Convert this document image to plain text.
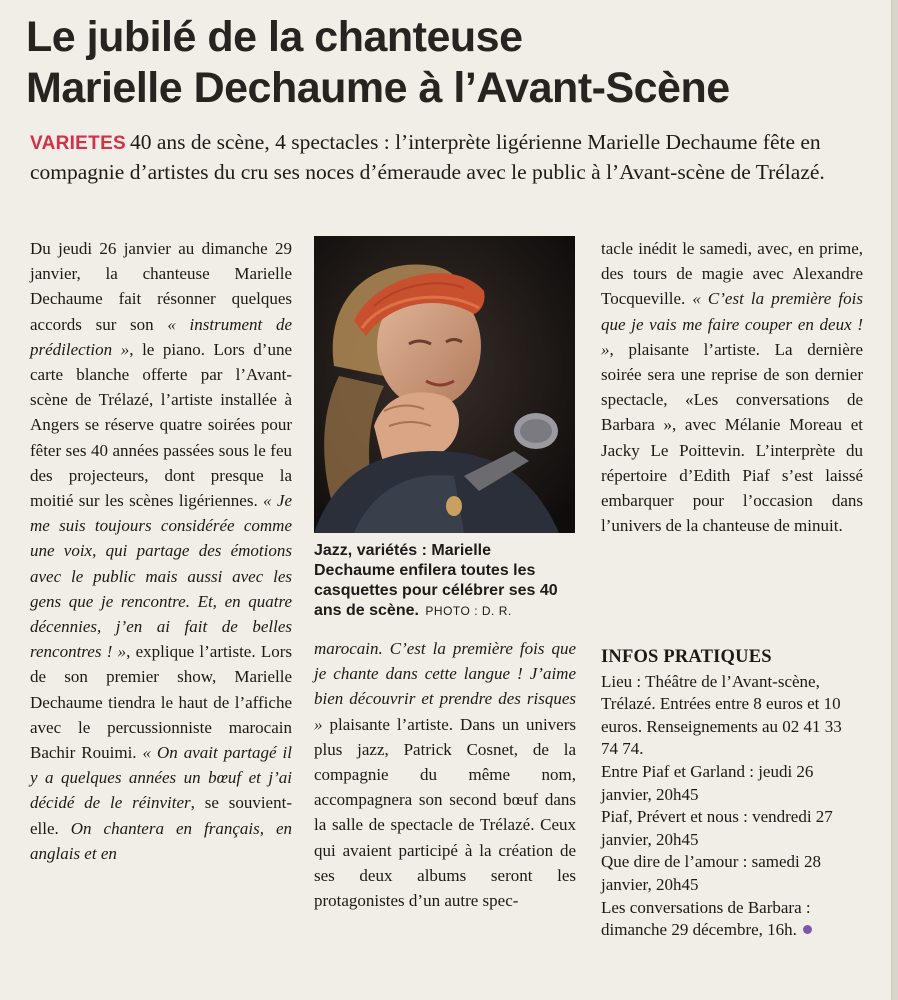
Le jubilé de la chanteuse
Marielle Dechaume à l’Avant-Scène

VARIETES 40 ans de scène, 4 spectacles : l’interprète ligérienne Marielle Dechaume fête en compagnie d’artistes du cru ses noces d’émeraude avec le public à l’Avant-scène de Trélazé.

Du jeudi 26 janvier au dimanche 29 janvier, la chanteuse Marielle Dechaume fait résonner quelques accords sur son « instrument de prédilection », le piano. Lors d’une carte blanche offerte par l’Avant-scène de Trélazé, l’artiste installée à Angers se réserve quatre soirées pour fêter ses 40 années passées sous le feu des projecteurs, dont presque la moitié sur les scènes ligériennes. « Je me suis toujours considérée comme une voix, qui partage des émotions avec le public mais aussi avec les gens que je rencontre. Et, en quatre décennies, j’en ai fait de belles rencontres ! », explique l’artiste. Lors de son premier show, Marielle Dechaume tiendra le haut de l’affiche avec le percussionniste marocain Bachir Rouimi. « On avait partagé il y a quelques années un bœuf et j’ai décidé de le réinviter, se souvient-elle. On chantera en français, en anglais et en

Jazz, variétés : Marielle Dechaume enfilera toutes les casquettes pour célébrer ses 40 ans de scène. PHOTO : D. R.

marocain. C’est la première fois que je chante dans cette langue ! J’aime bien découvrir et prendre des risques » plaisante l’artiste. Dans un univers plus jazz, Patrick Cosnet, de la compagnie du même nom, accompagnera son second bœuf dans la salle de spectacle de Trélazé. Ceux qui avaient participé à la création de ses deux albums seront les protagonistes d’un autre spec-

tacle inédit le samedi, avec, en prime, des tours de magie avec Alexandre Tocqueville. « C’est la première fois que je vais me faire couper en deux ! », plaisante l’artiste. La dernière soirée sera une reprise de son dernier spectacle, «Les conversations de Barbara », avec Mélanie Moreau et Jacky Le Poittevin. L’interprète du répertoire d’Edith Piaf s’est laissé embarquer pour l’occasion dans l’univers de la chanteuse de minuit.

INFOS PRATIQUES

Lieu : Théâtre de l’Avant-scène, Trélazé. Entrées entre 8 euros et 10 euros. Renseignements au 02 41 33 74 74.

Entre Piaf et Garland : jeudi 26 janvier, 20h45

Piaf, Prévert et nous : vendredi 27 janvier, 20h45

Que dire de l’amour : samedi 28 janvier, 20h45

Les conversations de Barbara : dimanche 29 décembre, 16h.
